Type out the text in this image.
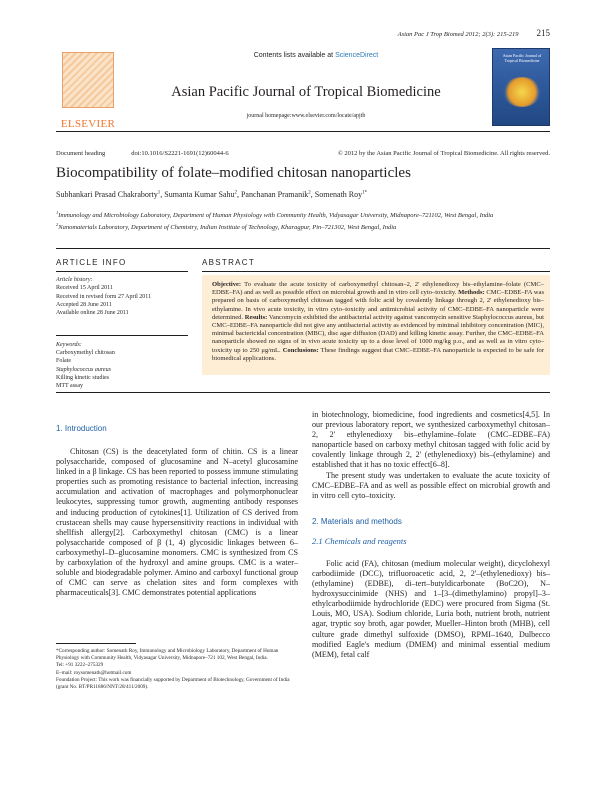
Asian Pac J Trop Biomed 2012; 2(3): 215-219	215
ELSEVIER
Contents lists available at ScienceDirect
Asian Pacific Journal of Tropical Biomedicine
journal homepage:www.elsevier.com/locate/apjtb
Asian Pacific Journal of Tropical Biomedicine
Document heading	doi:10.1016/S2221-1691(12)60044-6	© 2012 by the Asian Pacific Journal of Tropical Biomedicine. All rights reserved.
Biocompatibility of folate–modified chitosan nanoparticles
Subhankari Prasad Chakraborty$^1$, Sumanta Kumar Sahu$^2$, Panchanan Pramanik$^2$, Somenath Roy$^{1*}$

$^1$Immunology and Microbiology Laboratory, Department of Human Physiology with Community Health, Vidyasagar University, Midnapore–721102, West Bengal, India

$^2$Nanomaterials Laboratory, Department of Chemistry, Indian Institute of Technology, Kharagpur, Pin–721302, West Bengal, India

ARTICLE INFO	ABSTRACT
Article history:
Received 15 April 2011
Received in revised form 27 April 2011
Accepted 28 June 2011
Available online 28 June 2011
Keywords:
Carboxymethyl chitosan
Folate
Staphylococcus aureus
Killing kinetic studies
MTT assay
Objective: To evaluate the acute toxicity of carboxymethyl chitosan–2, 2' ethylenedioxy bis–ethylamine–folate (CMC–EDBE–FA) and as well as possible effect on microbial growth and in vitro cell cyto–toxicity. Methods: CMC–EDBE–FA was prepared on basis of carboxymethyl chitosan tagged with folic acid by covalently linkage through 2, 2' ethylenedioxy bis–ethylamine. In vivo acute toxicity, in vitro cyto–toxicity and antimicrobial activity of CMC–EDBE–FA nanoparticle were determined. Results: Vancomycin exhibited the antibacterial activity against vancomycin sensitive Staphylococcus aureus, but CMC–EDBE–FA nanoparticle did not give any antibacterial activity as evidenced by minimal inhibitory concentration (MIC), minimal bactericidal concentration (MBC), disc agar diffusion (DAD) and killing kinetic assay. Further, the CMC–EDBE–FA nanoparticle showed no signs of in vivo acute toxicity up to a dose level of 1000 mg/kg p.o., and as well as in vitro cyto–toxicity up to 250 μg/mL. Conclusions: These findings suggest that CMC–EDBE–FA nanoparticle is expected to be safe for biomedical applications.
1. Introduction

Chitosan (CS) is the deacetylated form of chitin. CS is a linear polysaccharide, composed of glucosamine and N–acetyl glucosamine linked in a β linkage. CS has been reported to possess immune stimulating properties such as promoting resistance to bacterial infection, increasing accumulation and activation of macrophages and polymorphonuclear leukocytes, suppressing tumor growth, augmenting antibody responses and inducing production of cytokines[1]. Utilization of CS derived from crustacean shells may cause hypersensitivity reactions in individual with shellfish allergy[2]. Carboxymethyl chitosan (CMC) is a linear polysaccharide composed of β (1, 4) glycosidic linkages between 6–carboxymethyl–D–glucosamine monomers. CMC is synthesized from CS by carboxylation of the hydroxyl and amine groups. CMC is a water–soluble and biodegradable polymer. Amino and carboxyl functional group of CMC can serve as chelation sites and form complexes with pharmaceuticals[3]. CMC demonstrates potential applications

*Corresponding author: Somenath Roy, Immunology and Microbiology Laboratory, Department of Human Physiology with Community Health, Vidyasagar University, Midnapore–721 102, West Bengal, India.

Tel: +91 3222–275329

E–mail: roysomenath@hotmail.com

Foundation Project: This work was financially supported by Department of Biotechnology, Government of India (grant No. BT/PR11886/NNT/28/411/2009).

in biotechnology, biomedicine, food ingredients and cosmetics[4,5]. In our previous laboratory report, we synthesized carboxymethyl chitosan–2, 2' ethylenedioxy bis–ethylamine–folate (CMC–EDBE–FA) nanoparticle based on carboxy methyl chitosan tagged with folic acid by covalently linkage through 2, 2' (ethylenedioxy) bis–(ethylamine) and established that it has no toxic effect[6–8].

The present study was undertaken to evaluate the acute toxicity of CMC–EDBE–FA and as well as possible effect on microbial growth and in vitro cell cyto–toxicity.

2. Materials and methods
2.1 Chemicals and reagents

Folic acid (FA), chitosan (medium molecular weight), dicyclohexyl carbodiimide (DCC), trifluoroacetic acid, 2, 2'–(ethylenedioxy) bis–(ethylamine) (EDBE), di–tert–butyldicarbonate (BoC2O), N–hydroxysuccinimide (NHS) and 1–[3–(dimethylamino) propyl]–3–ethylcarbodiimide hydrochloride (EDC) were procured from Sigma (St. Louis, MO, USA). Sodium chloride, Luria both, nutrient broth, nutrient agar, tryptic soy broth, agar powder, Mueller–Hinton broth (MHB), cell culture grade dimethyl sulfoxide (DMSO), RPMI–1640, Dulbecco modified Eagle's medium (DMEM) and minimal essential medium (MEM), fetal calf
